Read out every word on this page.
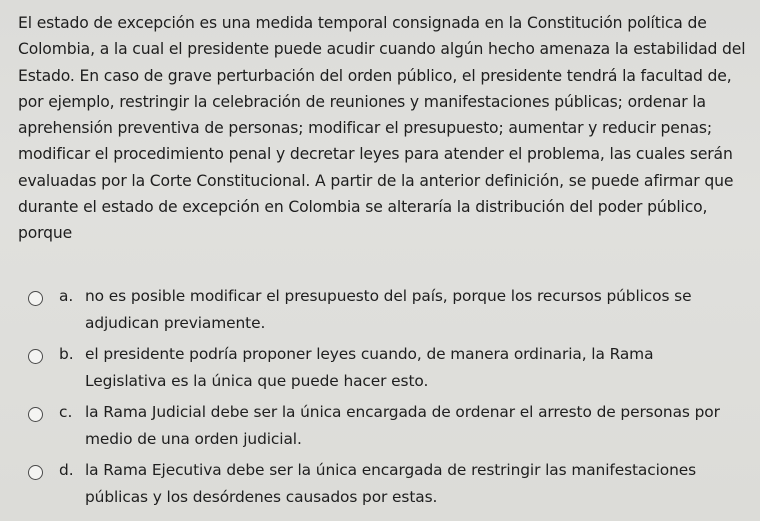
El estado de excepción es una medida temporal consignada en la Constitución política de Colombia, a la cual el presidente puede acudir cuando algún hecho amenaza la estabilidad del Estado. En caso de grave perturbación del orden público, el presidente tendrá la facultad de, por ejemplo, restringir la celebración de reuniones y manifestaciones públicas; ordenar la aprehensión preventiva de personas; modificar el presupuesto; aumentar y reducir penas; modificar el procedimiento penal y decretar leyes para atender el problema, las cuales serán evaluadas por la Corte Constitucional. A partir de la anterior definición, se puede afirmar que durante el estado de excepción en Colombia se alteraría la distribución del poder público, porque

a. no es posible modificar el presupuesto del país, porque los recursos públicos se adjudican previamente.
b. el presidente podría proponer leyes cuando, de manera ordinaria, la Rama Legislativa es la única que puede hacer esto.
c. la Rama Judicial debe ser la única encargada de ordenar el arresto de personas por medio de una orden judicial.
d. la Rama Ejecutiva debe ser la única encargada de restringir las manifestaciones públicas y los desórdenes causados por estas.
